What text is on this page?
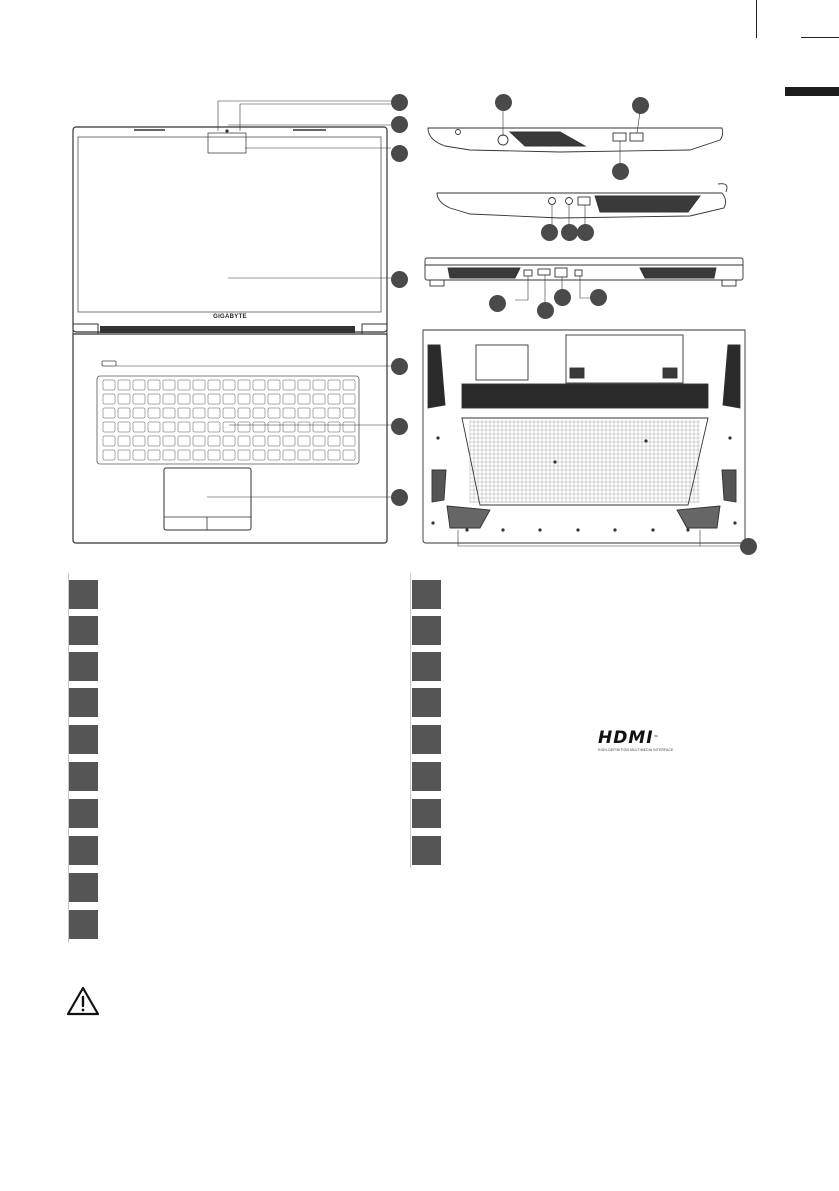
GIGABYTE
HDMI™
HIGH-DEFINITION MULTIMEDIA INTERFACE
